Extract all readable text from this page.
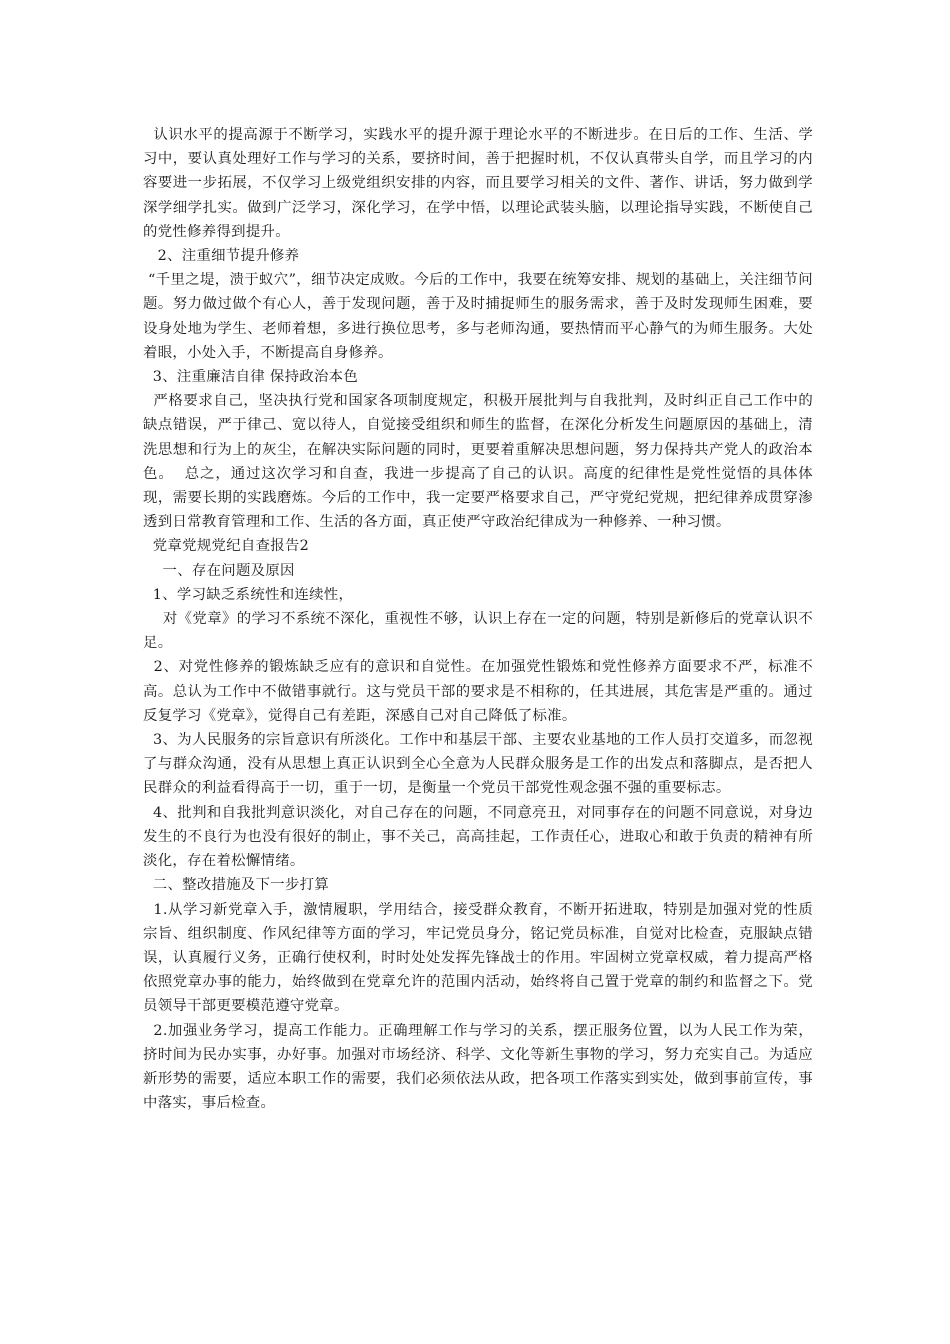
认识水平的提高源于不断学习，实践水平的提升源于理论水平的不断进步。在日后的工作、生活、学习中，要认真处理好工作与学习的关系，要挤时间，善于把握时机，不仅认真带头自学，而且学习的内容要进一步拓展，不仅学习上级党组织安排的内容，而且要学习相关的文件、著作、讲话，努力做到学深学细学扎实。做到广泛学习，深化学习，在学中悟，以理论武装头脑，以理论指导实践，不断使自己的党性修养得到提升。

2、注重细节提升修养

“千里之堤，溃于蚁穴”，细节决定成败。今后的工作中，我要在统筹安排、规划的基础上，关注细节问题。努力做过做个有心人，善于发现问题，善于及时捕捉师生的服务需求，善于及时发现师生困难，要设身处地为学生、老师着想，多进行换位思考，多与老师沟通，要热情而平心静气的为师生服务。大处着眼，小处入手，不断提高自身修养。

3、注重廉洁自律 保持政治本色

严格要求自己，坚决执行党和国家各项制度规定，积极开展批判与自我批判，及时纠正自己工作中的缺点错误，严于律己、宽以待人，自觉接受组织和师生的监督，在深化分析发生问题原因的基础上，清洗思想和行为上的灰尘，在解决实际问题的同时，更要着重解决思想问题，努力保持共产党人的政治本色。  总之，通过这次学习和自查，我进一步提高了自己的认识。高度的纪律性是党性觉悟的具体体现，需要长期的实践磨炼。今后的工作中，我一定要严格要求自己，严守党纪党规，把纪律养成贯穿渗透到日常教育管理和工作、生活的各方面，真正使严守政治纪律成为一种修养、一种习惯。

党章党规党纪自查报告2

一、存在问题及原因

1、学习缺乏系统性和连续性，

对《党章》的学习不系统不深化，重视性不够，认识上存在一定的问题，特别是新修后的党章认识不足。

2、对党性修养的锻炼缺乏应有的意识和自觉性。在加强党性锻炼和党性修养方面要求不严，标准不高。总认为工作中不做错事就行。这与党员干部的要求是不相称的，任其进展，其危害是严重的。通过反复学习《党章》，觉得自己有差距，深感自己对自己降低了标准。

3、为人民服务的宗旨意识有所淡化。工作中和基层干部、主要农业基地的工作人员打交道多，而忽视了与群众沟通，没有从思想上真正认识到全心全意为人民群众服务是工作的出发点和落脚点，是否把人民群众的利益看得高于一切，重于一切，是衡量一个党员干部党性观念强不强的重要标志。

4、批判和自我批判意识淡化，对自己存在的问题，不同意亮丑，对同事存在的问题不同意说，对身边发生的不良行为也没有很好的制止，事不关己，高高挂起，工作责任心，进取心和敢于负责的精神有所淡化，存在着松懈情绪。

二、整改措施及下一步打算

1.从学习新党章入手，激情履职，学用结合，接受群众教育，不断开拓进取，特别是加强对党的性质宗旨、组织制度、作风纪律等方面的学习，牢记党员身分，铭记党员标准，自觉对比检查，克服缺点错误，认真履行义务，正确行使权利，时时处处发挥先锋战士的作用。牢固树立党章权威，着力提高严格依照党章办事的能力，始终做到在党章允许的范围内活动，始终将自己置于党章的制约和监督之下。党员领导干部更要模范遵守党章。

2.加强业务学习，提高工作能力。正确理解工作与学习的关系，摆正服务位置，以为人民工作为荣，挤时间为民办实事，办好事。加强对市场经济、科学、文化等新生事物的学习，努力充实自己。为适应新形势的需要，适应本职工作的需要，我们必须依法从政，把各项工作落实到实处，做到事前宣传，事中落实，事后检查。
